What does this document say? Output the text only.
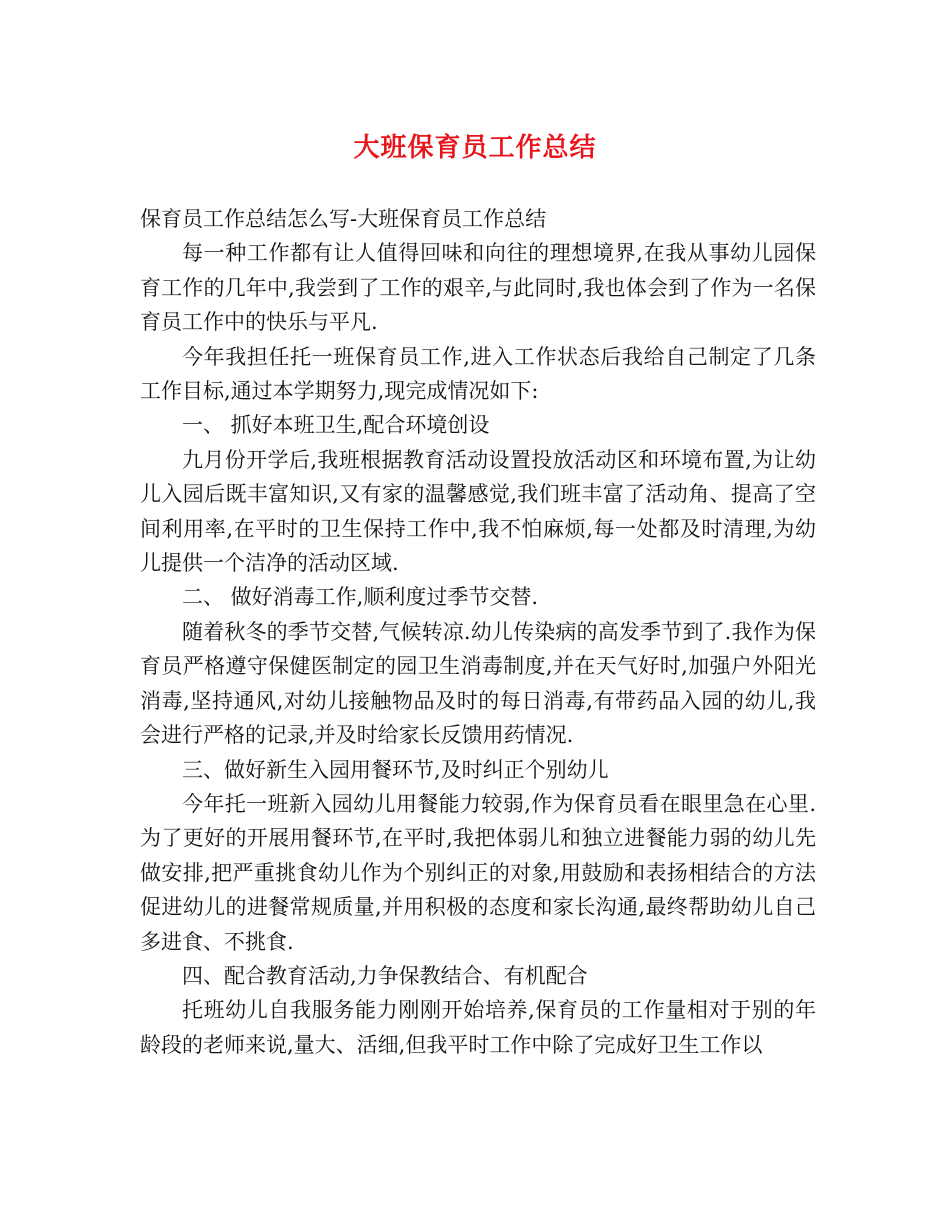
大班保育员工作总结

保育员工作总结怎么写-大班保育员工作总结

每一种工作都有让人值得回味和向往的理想境界,在我从事幼儿园保育工作的几年中,我尝到了工作的艰辛,与此同时,我也体会到了作为一名保育员工作中的快乐与平凡.

今年我担任托一班保育员工作,进入工作状态后我给自己制定了几条工作目标,通过本学期努力,现完成情况如下:

一、 抓好本班卫生,配合环境创设

九月份开学后,我班根据教育活动设置投放活动区和环境布置,为让幼儿入园后既丰富知识,又有家的温馨感觉,我们班丰富了活动角、提高了空间利用率,在平时的卫生保持工作中,我不怕麻烦,每一处都及时清理,为幼儿提供一个洁净的活动区域.

二、 做好消毒工作,顺利度过季节交替.

随着秋冬的季节交替,气候转凉.幼儿传染病的高发季节到了.我作为保育员严格遵守保健医制定的园卫生消毒制度,并在天气好时,加强户外阳光消毒,坚持通风,对幼儿接触物品及时的每日消毒,有带药品入园的幼儿,我会进行严格的记录,并及时给家长反馈用药情况.

三、做好新生入园用餐环节,及时纠正个别幼儿

今年托一班新入园幼儿用餐能力较弱,作为保育员看在眼里急在心里.为了更好的开展用餐环节,在平时,我把体弱儿和独立进餐能力弱的幼儿先做安排,把严重挑食幼儿作为个别纠正的对象,用鼓励和表扬相结合的方法促进幼儿的进餐常规质量,并用积极的态度和家长沟通,最终帮助幼儿自己多进食、不挑食.

四、配合教育活动,力争保教结合、有机配合

托班幼儿自我服务能力刚刚开始培养,保育员的工作量相对于别的年龄段的老师来说,量大、活细,但我平时工作中除了完成好卫生工作以
